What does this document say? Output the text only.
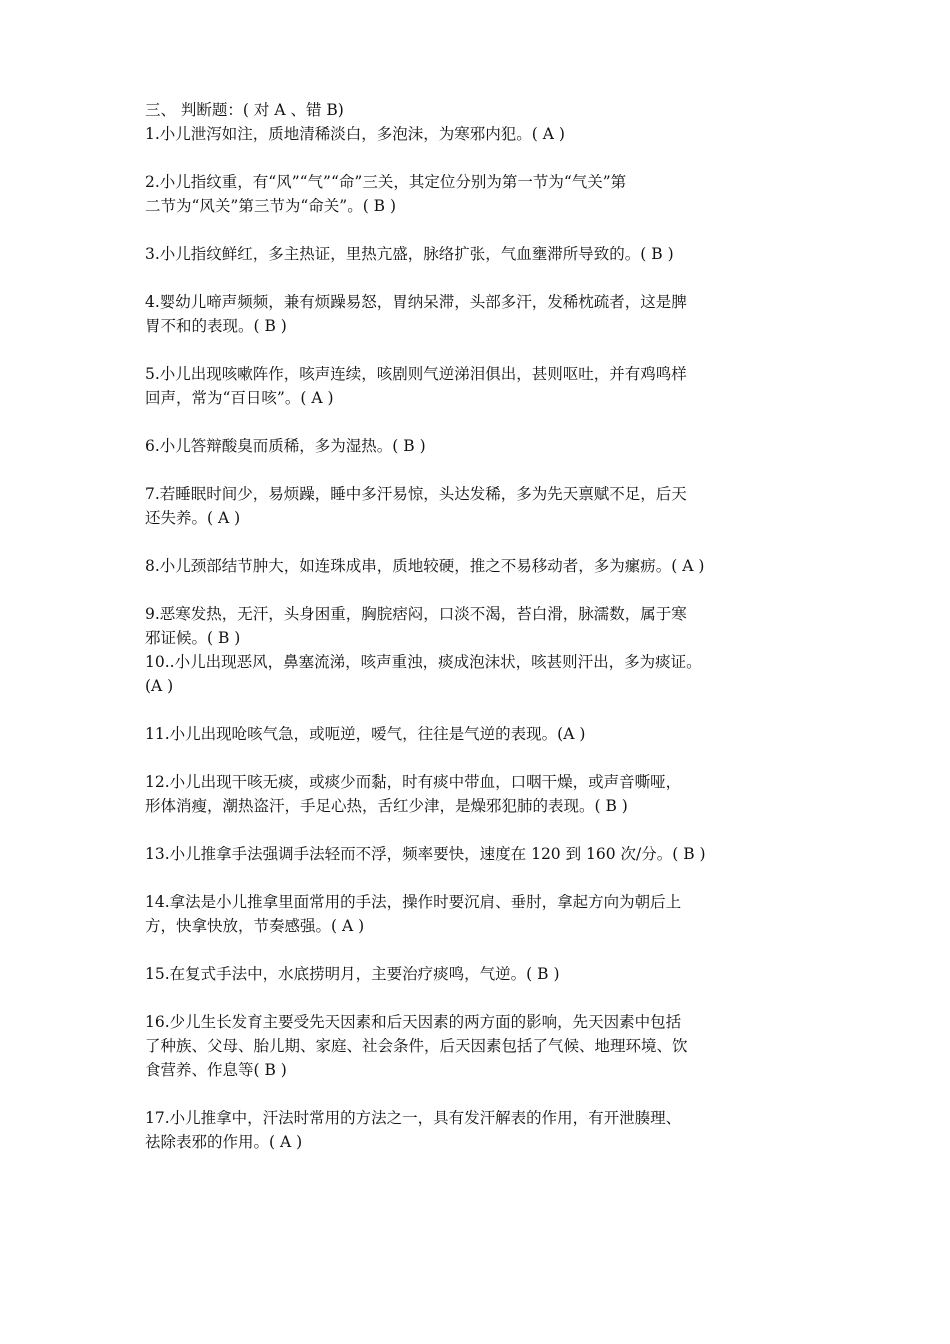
三、 判断题：( 对 A 、错 B)

1.小儿泄泻如注，质地清稀淡白，多泡沫，为寒邪内犯。( A )

2.小儿指纹重，有“风”“气”“命”三关，其定位分别为第一节为“气关”第

二节为“风关”第三节为“命关”。( B )

3.小儿指纹鲜红，多主热证，里热亢盛，脉络扩张，气血壅滞所导致的。( B )

4.婴幼儿啼声频频，兼有烦躁易怒，胃纳呆滞，头部多汗，发稀枕疏者，这是脾

胃不和的表现。( B )

5.小儿出现咳嗽阵作，咳声连续，咳剧则气逆涕泪俱出，甚则呕吐，并有鸡鸣样

回声，常为“百日咳”。( A )

6.小儿答辩酸臭而质稀，多为湿热。( B )

7.若睡眠时间少，易烦躁，睡中多汗易惊，头达发稀，多为先天禀赋不足，后天

还失养。( A )

8.小儿颈部结节肿大，如连珠成串，质地较硬，推之不易移动者，多为瘰疬。( A )

9.恶寒发热，无汗，头身困重，胸脘痞闷，口淡不渴，苔白滑，脉濡数，属于寒

邪证候。( B )

10..小儿出现恶风，鼻塞流涕，咳声重浊，痰成泡沫状，咳甚则汗出，多为痰证。

(A )

11.小儿出现呛咳气急，或呃逆，嗳气，往往是气逆的表现。(A )

12.小儿出现干咳无痰，或痰少而黏，时有痰中带血，口咽干燥，或声音嘶哑，

形体消瘦，潮热盗汗，手足心热，舌红少津，是燥邪犯肺的表现。( B )

13.小儿推拿手法强调手法轻而不浮，频率要快，速度在 120 到 160 次/分。( B )

14.拿法是小儿推拿里面常用的手法，操作时要沉肩、垂肘，拿起方向为朝后上

方，快拿快放，节奏感强。( A )

15.在复式手法中，水底捞明月，主要治疗痰鸣，气逆。( B )

16.少儿生长发育主要受先天因素和后天因素的两方面的影响，先天因素中包括

了种族、父母、胎儿期、家庭、社会条件，后天因素包括了气候、地理环境、饮

食营养、作息等( B )

17.小儿推拿中，汗法时常用的方法之一，具有发汗解表的作用，有开泄腠理、

祛除表邪的作用。( A )
